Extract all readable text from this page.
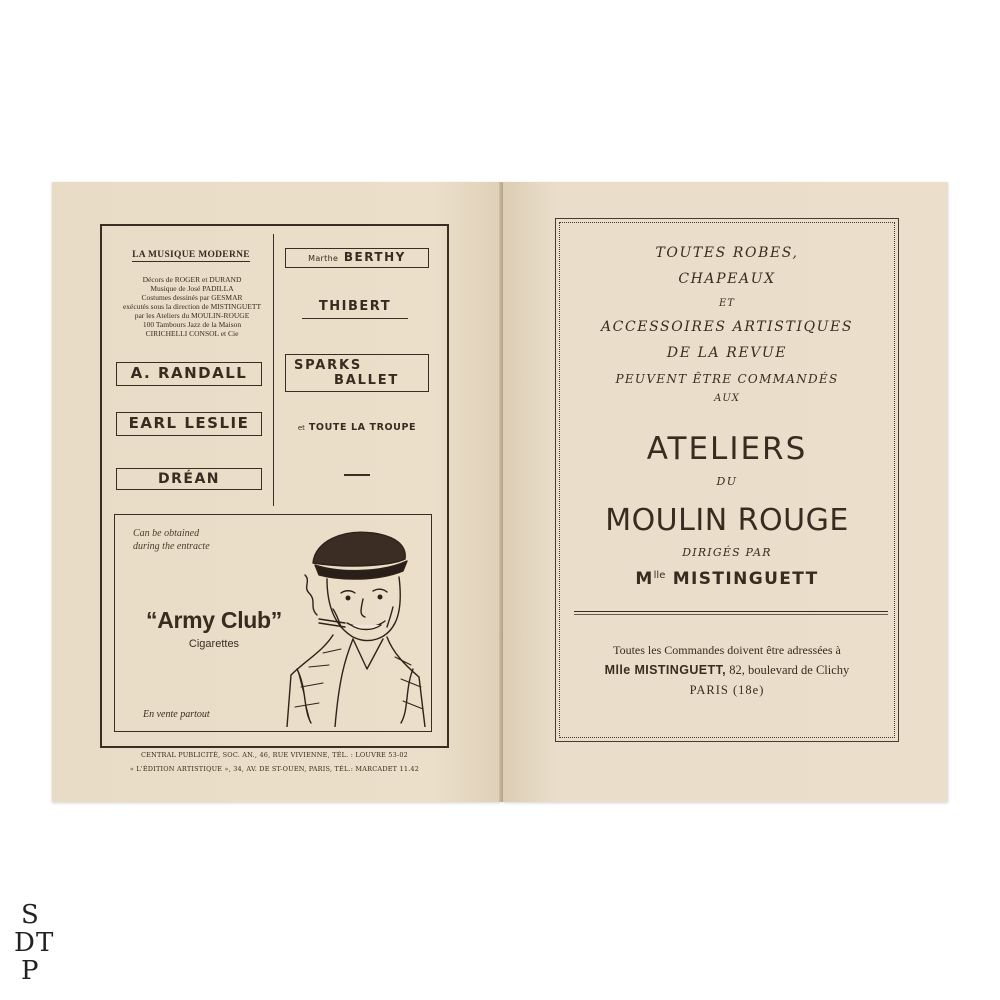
LA MUSIQUE MODERNE
Décors de ROGER et DURAND
Musique de José PADILLA
Costumes dessinés par GESMAR
exécutés sous la direction de MISTINGUETT
par les Ateliers du MOULIN-ROUGE
100 Tambours Jazz de la Maison
CIRICHELLI CONSOL et Cie
A. RANDALL
EARL LESLIE
DRÉAN
Marthe BERTHY
THIBERT
SPARKS
BALLET
et TOUTE LA TROUPE
Can be obtained
during the entracte
“Army Club”
Cigarettes
En vente partout
CENTRAL PUBLICITÉ, SOC. AN., 46, RUE VIVIENNE, TÉL. : LOUVRE 53-02
« L'ÉDITION ARTISTIQUE », 34, AV. DE ST-OUEN, PARIS, TÉL.: MARCADET 11.42
TOUTES ROBES,
CHAPEAUX
ET
ACCESSOIRES ARTISTIQUES
DE LA REVUE
PEUVENT ÊTRE COMMANDÉS
AUX
ATELIERS
DU
MOULIN ROUGE
DIRIGÉS PAR
$M^{lle}$ MISTINGUETT
Toutes les Commandes doivent être adressées à
Mlle MISTINGUETT, 82, boulevard de Clichy
PARIS (18e)
S
D T
P
